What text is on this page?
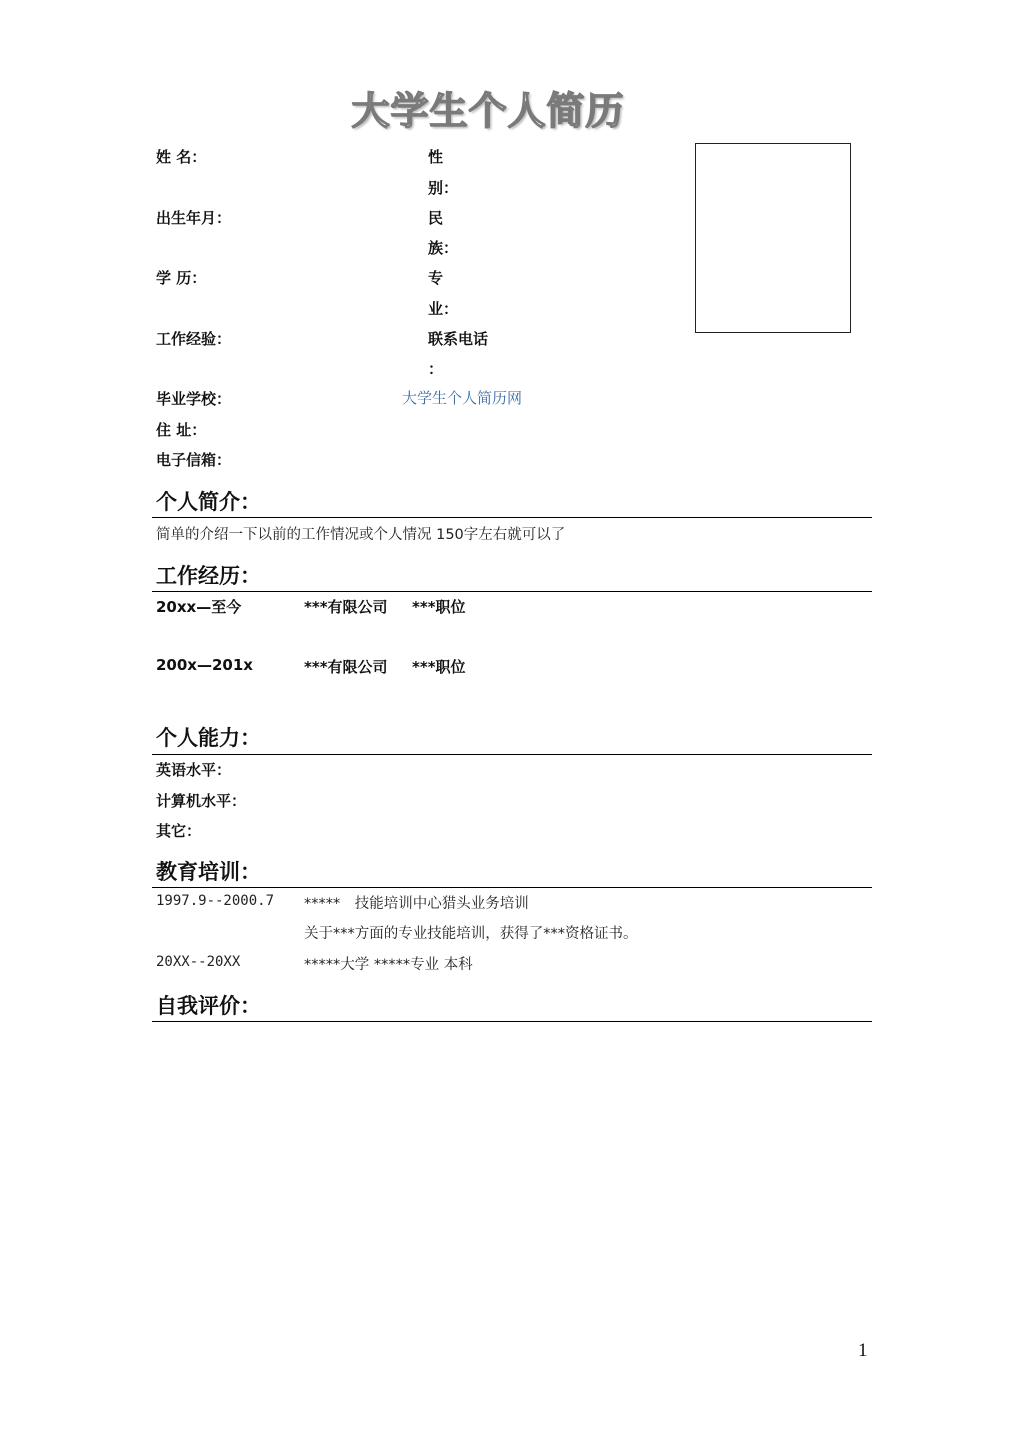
大学生个人简历
姓 名：	性
别：
出生年月：	民
族：
学 历：	专
业：
工作经验：	联系电话
：
毕业学校：	大学生个人简历网
住 址：
电子信箱：
个人简介：
简单的介绍一下以前的工作情况或个人情况 150字左右就可以了
工作经历：
20xx—至今	***有限公司 ***职位
200x—201x	***有限公司 ***职位
个人能力：
英语水平：
计算机水平：
其它：
教育培训：
1997.9--2000.7 *****　技能培训中心猎头业务培训
关于***方面的专业技能培训，获得了***资格证书。
20XX--20XX	*****大学 *****专业 本科
自我评价：
1
